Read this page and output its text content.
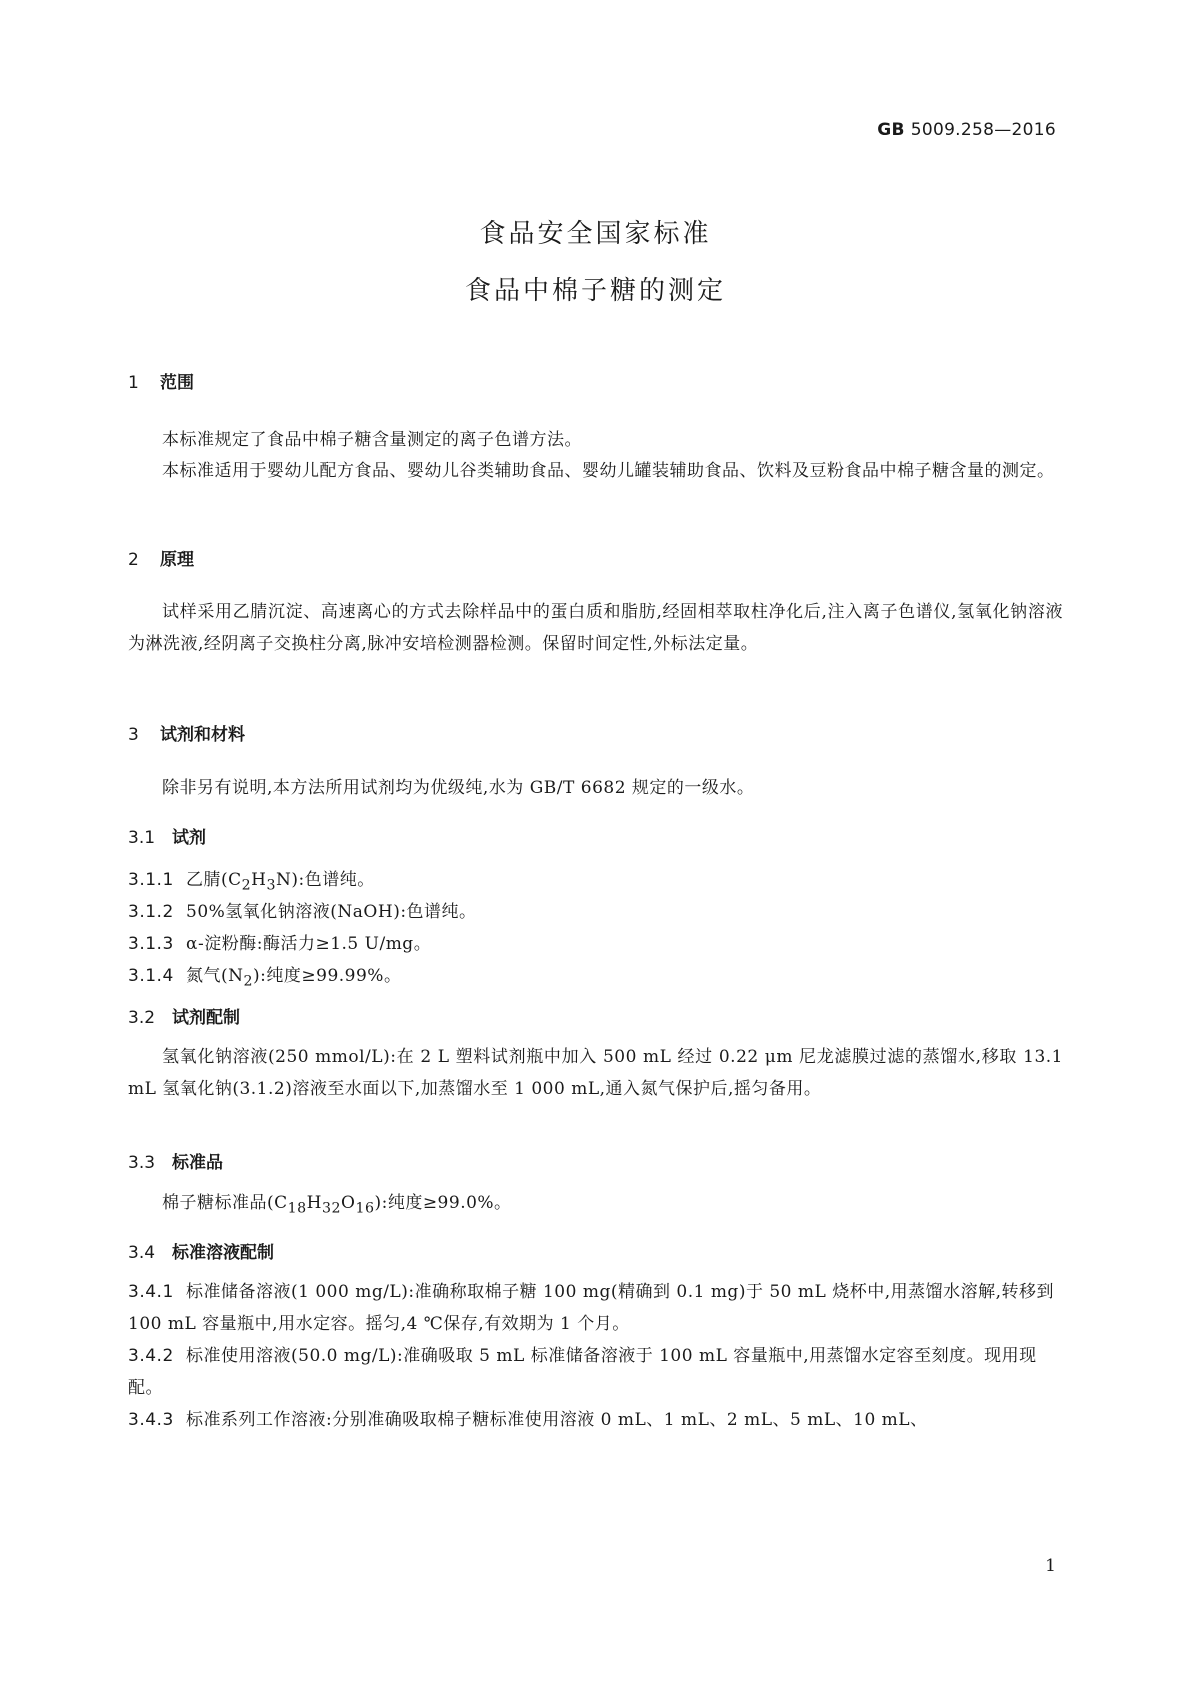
GB 5009.258—2016
食品安全国家标准
食品中棉子糖的测定
1 范围
本标准规定了食品中棉子糖含量测定的离子色谱方法。
本标准适用于婴幼儿配方食品、婴幼儿谷类辅助食品、婴幼儿罐装辅助食品、饮料及豆粉食品中棉子糖含量的测定。
2 原理
试样采用乙腈沉淀、高速离心的方式去除样品中的蛋白质和脂肪,经固相萃取柱净化后,注入离子色谱仪,氢氧化钠溶液为淋洗液,经阴离子交换柱分离,脉冲安培检测器检测。保留时间定性,外标法定量。
3 试剂和材料
除非另有说明,本方法所用试剂均为优级纯,水为 GB/T 6682 规定的一级水。
3.1 试剂
3.1.1 乙腈$(C_2H_3N)$:色谱纯。
3.1.2 50%氢氧化钠溶液(NaOH):色谱纯。
3.1.3 α-淀粉酶:酶活力≥1.5 U/mg。
3.1.4 氮气$(N_2)$:纯度≥99.99%。
3.2 试剂配制
氢氧化钠溶液(250 mmol/L):在 2 L 塑料试剂瓶中加入 500 mL 经过 0.22 μm 尼龙滤膜过滤的蒸馏水,移取 13.1 mL 氢氧化钠(3.1.2)溶液至水面以下,加蒸馏水至 1 000 mL,通入氮气保护后,摇匀备用。
3.3 标准品
棉子糖标准品$(C_{18}H_{32}O_{16})$:纯度≥99.0%。
3.4 标准溶液配制
3.4.1 标准储备溶液(1 000 mg/L):准确称取棉子糖 100 mg(精确到 0.1 mg)于 50 mL 烧杯中,用蒸馏水溶解,转移到 100 mL 容量瓶中,用水定容。摇匀,4 ℃保存,有效期为 1 个月。
3.4.2 标准使用溶液(50.0 mg/L):准确吸取 5 mL 标准储备溶液于 100 mL 容量瓶中,用蒸馏水定容至刻度。现用现配。
3.4.3 标准系列工作溶液:分别准确吸取棉子糖标准使用溶液 0 mL、1 mL、2 mL、5 mL、10 mL、
1
